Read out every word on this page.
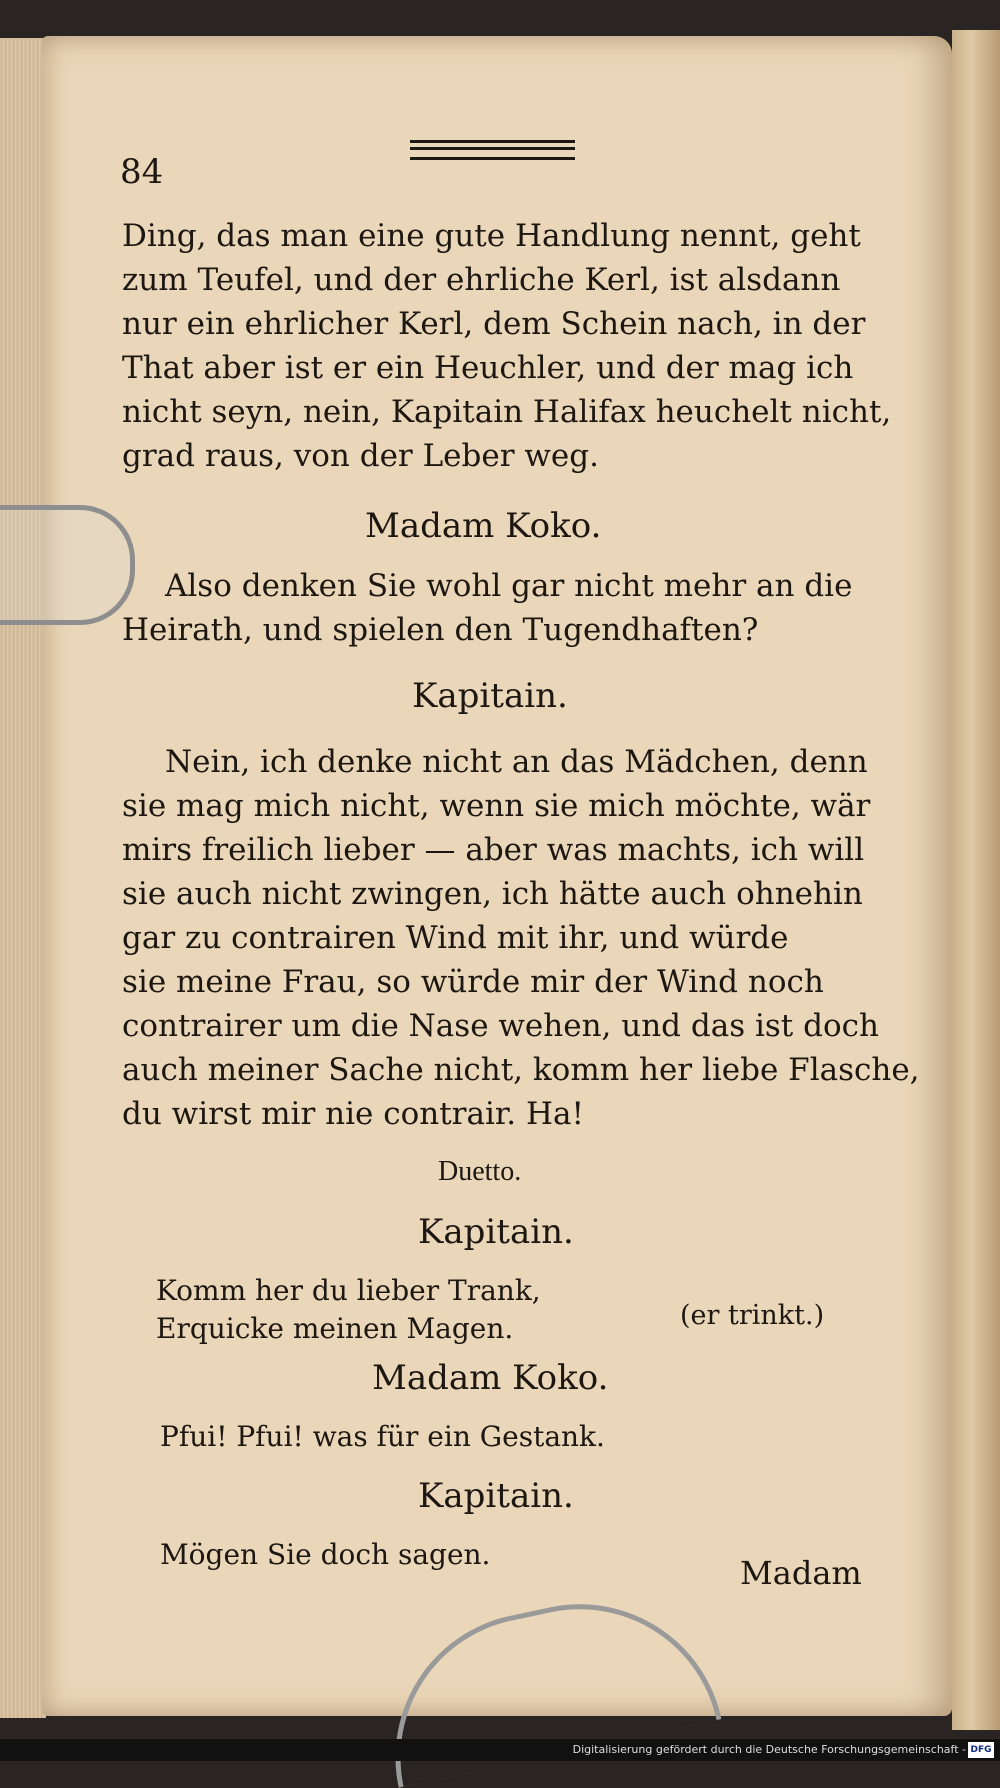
84
Ding, das man eine gute Handlung nennt, geht
zum Teufel, und der ehrliche Kerl, ist alsdann
nur ein ehrlicher Kerl, dem Schein nach, in der
That aber ist er ein Heuchler, und der mag ich
nicht seyn, nein, Kapitain Halifax heuchelt nicht,
grad raus, von der Leber weg.
Madam Koko.
Also denken Sie wohl gar nicht mehr an die
Heirath, und spielen den Tugendhaften?
Kapitain.
Nein, ich denke nicht an das Mädchen, denn
sie mag mich nicht, wenn sie mich möchte, wär
mirs freilich lieber — aber was machts, ich will
sie auch nicht zwingen, ich hätte auch ohnehin
gar zu contrairen Wind mit ihr, und würde
sie meine Frau, so würde mir der Wind noch
contrairer um die Nase wehen, und das ist doch
auch meiner Sache nicht, komm her liebe Flasche,
du wirst mir nie contrair. Ha!
Duetto.
Kapitain.
Komm her du lieber Trank,
Erquicke meinen Magen.	(er trinkt.)
Madam Koko.
Pfui! Pfui! was für ein Gestank.
Kapitain.
Mögen Sie doch sagen.	Madam
Digitalisierung gefördert durch die Deutsche Forschungsgemeinschaft - DFG
